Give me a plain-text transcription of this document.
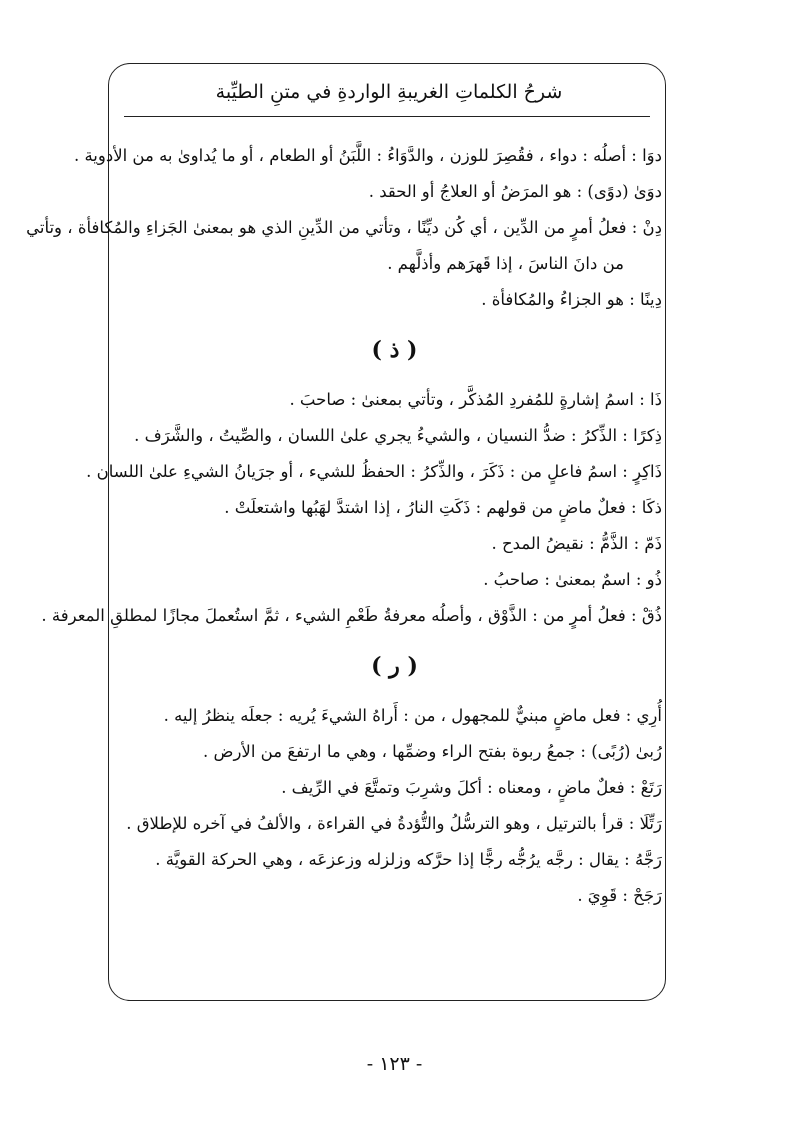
شرحُ الكلماتِ الغريبةِ الواردةِ في متنِ الطيِّبة
دوَا : أصلُه : دواء ، فقُصِرَ للوزن ، والدَّوَاءُ : اللَّبَنُ أو الطعام ، أو ما يُداوىٰ به من الأدوية .
دوَىٰ (دوًى) : هو المرَضُ أو العلاجُ أو الحقد .
دِنْ : فعلُ أمرٍ من الدِّين ، أي كُن ديِّنًا ، وتأتي من الدِّينِ الذي هو بمعنىٰ الجَزاءِ والمُكافأة ، وتأتي
من دانَ الناسَ ، إذا قَهرَهم وأذلَّهم .
دِينًا : هو الجزاءُ والمُكافأة .
( ذ )
ذَا : اسمُ إشارةٍ للمُفردِ المُذكَّر ، وتأتي بمعنىٰ : صاحبَ .
ذِكرًا : الذِّكرُ : ضدُّ النسيان ، والشيءُ يجري علىٰ اللسان ، والصِّيتُ ، والشَّرَف .
ذَاكِرٍ : اسمُ فاعلٍ من : ذَكَرَ ، والذِّكرُ : الحفظُ للشيء ، أو جرَيانُ الشيءِ علىٰ اللسان .
ذكَا : فعلٌ ماضٍ من قولهم : ذَكَتِ النارُ ، إذا اشتدَّ لهَبُها واشتعلَتْ .
ذَمّ : الذَّمُّ : نقيضُ المدح .
ذُو : اسمٌ بمعنىٰ : صاحبُ .
ذُقْ : فعلُ أمرٍ من : الذَّوْق ، وأصلُه معرفةُ طَعْمِ الشيء ، ثمَّ استُعملَ مجازًا لمطلقِ المعرفة .
( ر )
أُرِي : فعل ماضٍ مبنيٌّ للمجهول ، من : أَراهُ الشيءَ يُريه : جعلَه ينظرُ إليه .
رُبىٰ (رُبًى) : جمعُ ربوة بفتح الراء وضمِّها ، وهي ما ارتفعَ من الأرض .
رَتَعْ : فعلٌ ماضٍ ، ومعناه : أكلَ وشرِبَ وتمتَّعَ في الرِّيف .
رَتِّلَا : قرأ بالترتيل ، وهو الترسُّلُ والتُّؤدةُ في القراءة ، والألفُ في آخره للإطلاق .
رَجَّهُ : يقال : رجَّه يرُجُّه رجًّا إذا حرَّكه وزلزله وزعزعَه ، وهي الحركة القويَّة .
رَجَحْ : قَوِيَ .
- ١٢٣ -
